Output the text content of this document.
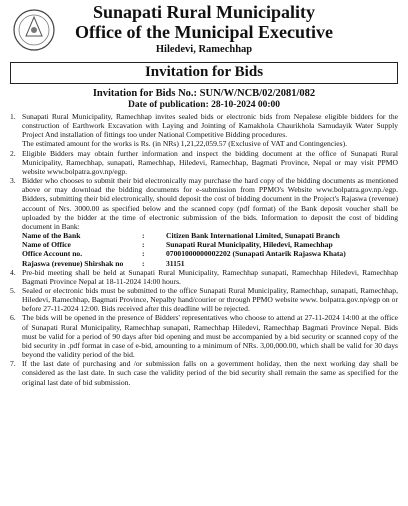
Sunapati Rural Municipality
Office of the Municipal Executive
Hiledevi, Ramechhap
Invitation for Bids
Invitation for Bids No.: SUN/W/NCB/02/2081/082
Date of publication: 28-10-2024 00:00
1. Sunapati Rural Municipality, Ramechhap invites sealed bids or electronic bids from Nepalese eligible bidders for the construction of Earthwork Excavation with Laying and Jointing of Kamakhola Chaurikhola Samudayik Water Supply Project And installation of fittings too under National Competitive Bidding procedures.
The estimated amount for the works is Rs. (in NRs) 1,21,22,059.57 (Exclusive of VAT and Contingencies).
2. Eligible Bidders may obtain further information and inspect the bidding document at the office of Sunapati Rural Municipality, Ramechhap, sunapati, Ramechhap, Hiledevi, Ramechhap, Bagmati Province, Nepal or may visit PPMO website www.bolpatra.gov.np/egp.
3. Bidder who chooses to submit their bid electronically may purchase the hard copy of the bidding documents as mentioned above or may download the bidding documents for e-submission from PPMO's Website www.bolpatra.gov.np./egp. Bidders, submitting their bid electronically, should deposit the cost of bidding document in the Project's Rajaswa (revenue) account of Nrs. 3000.00 as specified below and the scanned copy (pdf format) of the Bank deposit voucher shall be uploaded by the bidder at the time of electronic submission of the bids. Information to deposit the cost of bidding document in Bank:
Name of the Bank	:	Citizen Bank International Limited, Sunapati Branch
Name of Office	:	Sunapati Rural Municipality, Hiledevi, Ramechhap
Office Account no.	:	07001000000002202 (Sunapati Antarik Rajaswa Khata)
Rajaswa (revenue) Shirshak no	:	31151
4. Pre-bid meeting shall be held at Sunapati Rural Municipality, Ramechhap sunapati, Ramechhap Hiledevi, Ramechhap Bagmati Province Nepal at 18-11-2024 14:00 hours.
5. Sealed or electronic bids must be submitted to the office Sunapati Rural Municipality, Ramechhap, sunapati, Ramechhap, Hiledevi, Ramechhap, Bagmati Province, Nepalby hand/courier or through PPMO website www. bolpatra.gov.np/egp on or before 27-11-2024 12:00. Bids received after this deadline will be rejected.
6. The bids will be opened in the presence of Bidders' representatives who choose to attend at 27-11-2024 14:00 at the office of Sunapati Rural Municipality, Ramechhap sunapati, Ramechhap Hiledevi, Ramechhap Bagmati Province Nepal. Bids must be valid for a period of 90 days after bid opening and must be accompanied by a bid security or scanned copy of the bid security in .pdf format in case of e-bid, amounting to a minimum of NRs. 3,00,000.00, which shall be valid for 30 days beyond the validity period of the bid.
7. If the last date of purchasing and /or submission falls on a government holiday, then the next working day shall be considered as the last date. In such case the validity period of the bid security shall remain the same as specified for the original last date of bid submission.
